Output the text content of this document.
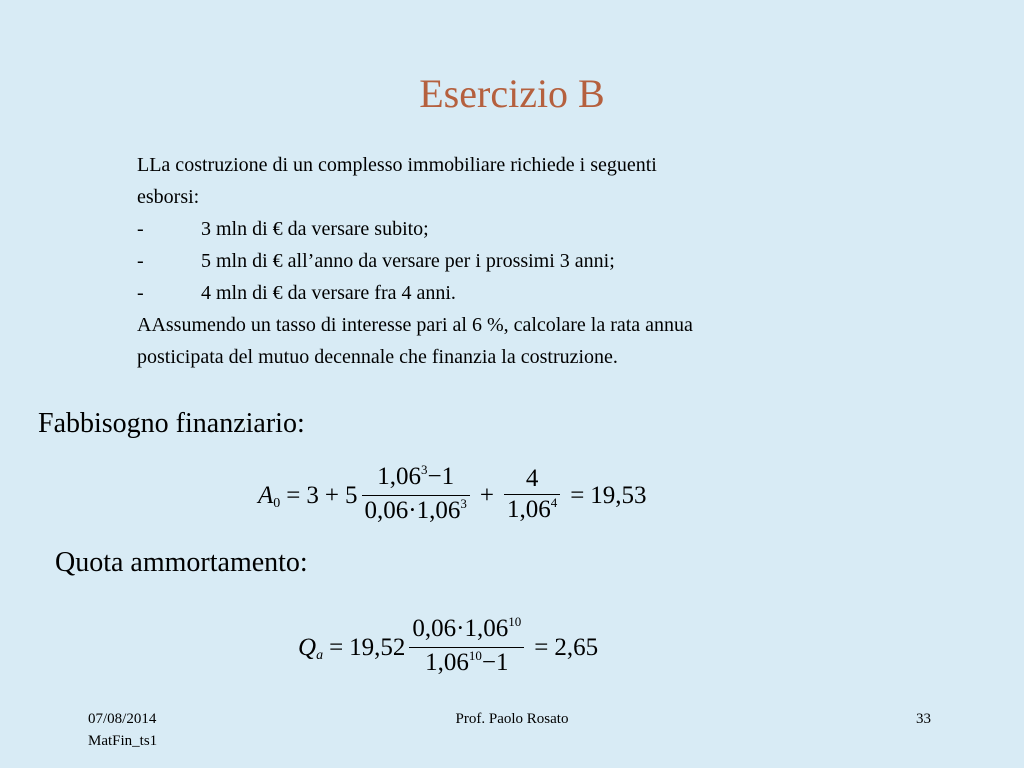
Esercizio B
LLa costruzione di un complesso immobiliare richiede i seguenti
esborsi:
-	3 mln di € da versare subito;
-	5 mln di € all’anno da versare per i prossimi 3 anni;
-	4 mln di € da versare fra 4 anni.
AAssumendo un tasso di interesse pari al 6 %, calcolare la rata annua
posticipata del mutuo decennale che finanzia la costruzione.
Fabbisogno finanziario:
A $0 = 3 + 5 \frac{1,06^3-1}{0,06\cdot 1,06^3} + \frac{4}{1,06^4} = 19,53$
Quota ammortamento:
Q $a = 19,52 \frac{0,06\cdot 1,06^{10}}{1,06^{10}-1} = 2,65$
07/08/2014
MatFin_ts1
Prof. Paolo Rosato	33
